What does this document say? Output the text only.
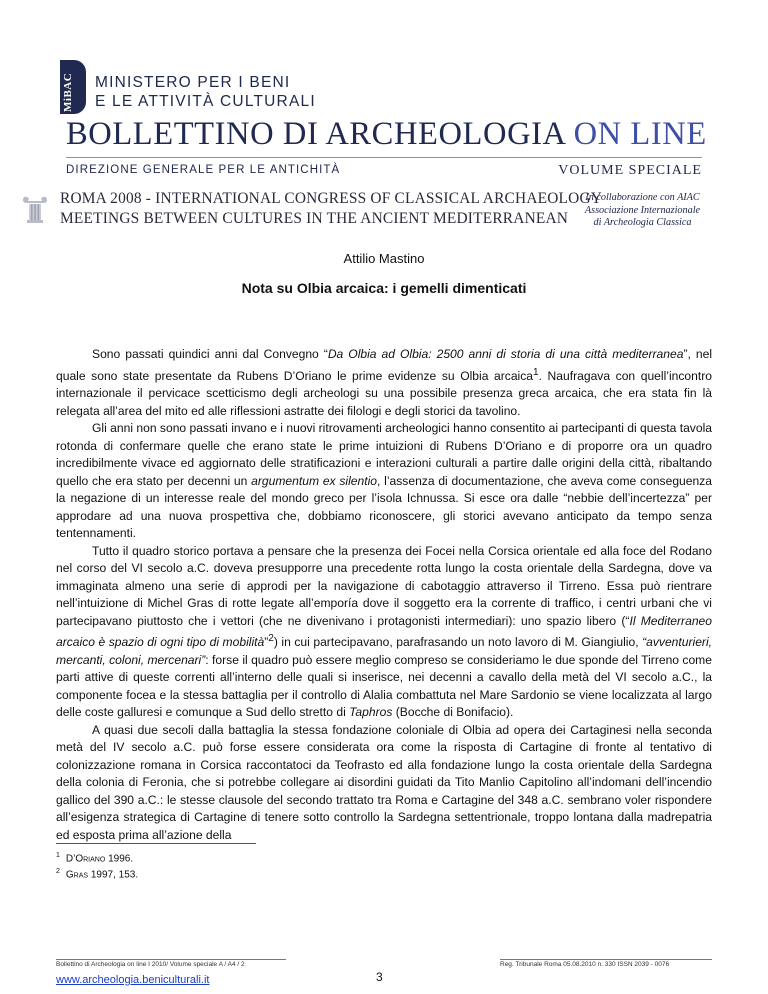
MiBAC MINISTERO PER I BENI
E LE ATTIVITÀ CULTURALI
BOLLETTINO DI ARCHEOLOGIA ON LINE
DIREZIONE GENERALE PER LE ANTICHITÀ	VOLUME SPECIALE
ROMA 2008 - INTERNATIONAL CONGRESS OF CLASSICAL ARCHAEOLOGY
MEETINGS BETWEEN CULTURES IN THE ANCIENT MEDITERRANEAN
In collaborazione con AIAC
Associazione Internazionale
di Archeologia Classica
Attilio Mastino
Nota su Olbia arcaica: i gemelli dimenticati

Sono passati quindici anni dal Convegno “Da Olbia ad Olbia: 2500 anni di storia di una città mediterranea”, nel quale sono state presentate da Rubens D’Oriano le prime evidenze su Olbia arcaica$^1$. Naufragava con quell’incontro internazionale il pervicace scetticismo degli archeologi su una possibile presenza greca arcaica, che era stata fin là relegata all’area del mito ed alle riflessioni astratte dei filologi e degli storici da tavolino.

Gli anni non sono passati invano e i nuovi ritrovamenti archeologici hanno consentito ai partecipanti di questa tavola rotonda di confermare quelle che erano state le prime intuizioni di Rubens D’Oriano e di proporre ora un quadro incredibilmente vivace ed aggiornato delle stratificazioni e interazioni culturali a partire dalle origini della città, ribaltando quello che era stato per decenni un argumentum ex silentio, l’assenza di documentazione, che aveva come conseguenza la negazione di un interesse reale del mondo greco per l’isola Ichnussa. Si esce ora dalle “nebbie dell’incertezza” per approdare ad una nuova prospettiva che, dobbiamo riconoscere, gli storici avevano anticipato da tempo senza tentennamenti.

Tutto il quadro storico portava a pensare che la presenza dei Focei nella Corsica orientale ed alla foce del Rodano nel corso del VI secolo a.C. doveva presupporre una precedente rotta lungo la costa orientale della Sardegna, dove va immaginata almeno una serie di approdi per la navigazione di cabotaggio attraverso il Tirreno. Essa può rientrare nell’intuizione di Michel Gras di rotte legate all’emporía dove il soggetto era la corrente di traffico, i centri urbani che vi partecipavano piuttosto che i vettori (che ne divenivano i protagonisti intermediari): uno spazio libero (“Il Mediterraneo arcaico è spazio di ogni tipo di mobilità”$^2$) in cui partecipavano, parafrasando un noto lavoro di M. Giangiulio, “avventurieri, mercanti, coloni, mercenari”: forse il quadro può essere meglio compreso se consideriamo le due sponde del Tirreno come parti attive di queste correnti all’interno delle quali si inserisce, nei decenni a cavallo della metà del VI secolo a.C., la componente focea e la stessa battaglia per il controllo di Alalia combattuta nel Mare Sardonio se viene localizzata al largo delle coste galluresi e comunque a Sud dello stretto di Taphros (Bocche di Bonifacio).

A quasi due secoli dalla battaglia la stessa fondazione coloniale di Olbia ad opera dei Cartaginesi nella seconda metà del IV secolo a.C. può forse essere considerata ora come la risposta di Cartagine di fronte al tentativo di colonizzazione romana in Corsica raccontatoci da Teofrasto ed alla fondazione lungo la costa orientale della Sardegna della colonia di Feronia, che si potrebbe collegare ai disordini guidati da Tito Manlio Capitolino all’indomani dell’incendio gallico del 390 a.C.: le stesse clausole del secondo trattato tra Roma e Cartagine del 348 a.C. sembrano voler rispondere all’esigenza strategica di Cartagine di tenere sotto controllo la Sardegna settentrionale, troppo lontana dalla madrepatria ed esposta prima all’azione della

$^1$ D’Oriano 1996.
$^2$ Gras 1997, 153.
Bollettino di Archeologia on line I 2010/ Volume speciale A / A4 / 2
www.archeologia.beniculturali.it	3
Reg. Tribunale Roma 05.08.2010 n. 330 ISSN 2039 - 0076
